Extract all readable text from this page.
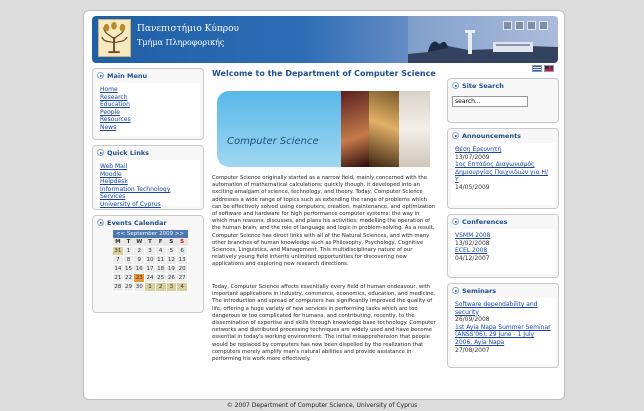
Πανεπιστήμιο Κύπρου
Τμήμα Πληροφορικής
Main Menu
Home
Research
Education
People
Resources
News
Quick Links
Web Mail
Moodle
Helpdesk
Information Technology Services
University of Cyprus
Events Calendar
<< September 2009 >>						
M	T	W	T	F	S	S
31	1	2	3	4	5	6
7	8	9	10	11	12	13
14	15	16	17	18	19	20
21	22	23	24	25	26	27
28	29	30	1	2	3	4
Welcome to the Department of Computer Science
Computer Science

Computer Science originally started as a narrow field, mainly concerned with the automation of mathematical calculations; quickly though, it developed into an exciting amalgam of science, technology, and theory. Today, Computer Science addresses a wide range of topics such as extending the range of problems which can be effectively solved using computers; creation, maintenance, and optimization of software and hardware for high performance computer systems; the way in which man reasons, discusses, and plans his activities; modelling the operation of the human brain; and the role of language and logic in problem-solving. As a result, Computer Science has direct links with all of the Natural Sciences, and with many other branches of human knowledge such as Philosophy, Psychology, Cognitive Sciences, Linguistics, and Management. This multidisciplinary nature of our relatively young field inherits unlimited opportunities for discovering new applications and exploring new research directions.

Today, Computer Science affects essentially every field of human endeavour, with important applications in industry, commerce, economics, education, and medicine. The introduction and spread of computers has significantly improved the quality of life, offering a huge variety of new services in performing tasks which are too dangerous or too complicated for humans, and contributing, recently, to the dissemination of expertise and skills through knowledge base technology. Computer networks and distributed processing techniques are widely used and have become essential in today's working environment. The initial misapprehension that people would be replaced by computers has now been dispelled by the realization that computers merely amplify man's natural abilities and provide assistance in performing his work more effectively.

Site Search
search...
Announcements
Θέση Ερευνητή
13/07/2009
1ος Επτάδος Διαγωνισμός Δημιουργίας Παιχνιδιών για Η/Υ
14/05/2009
Conferences
VSMM 2008
13/02/2008
ECEL 2008
04/12/2007
Seminars
Software dependability and security
26/09/2008
1st Ayia Napa Summer Seminar (ANSS'06), 29 June - 1 July 2006, Ayia Napa
27/08/2007
© 2007 Department of Computer Science, University of Cyprus
